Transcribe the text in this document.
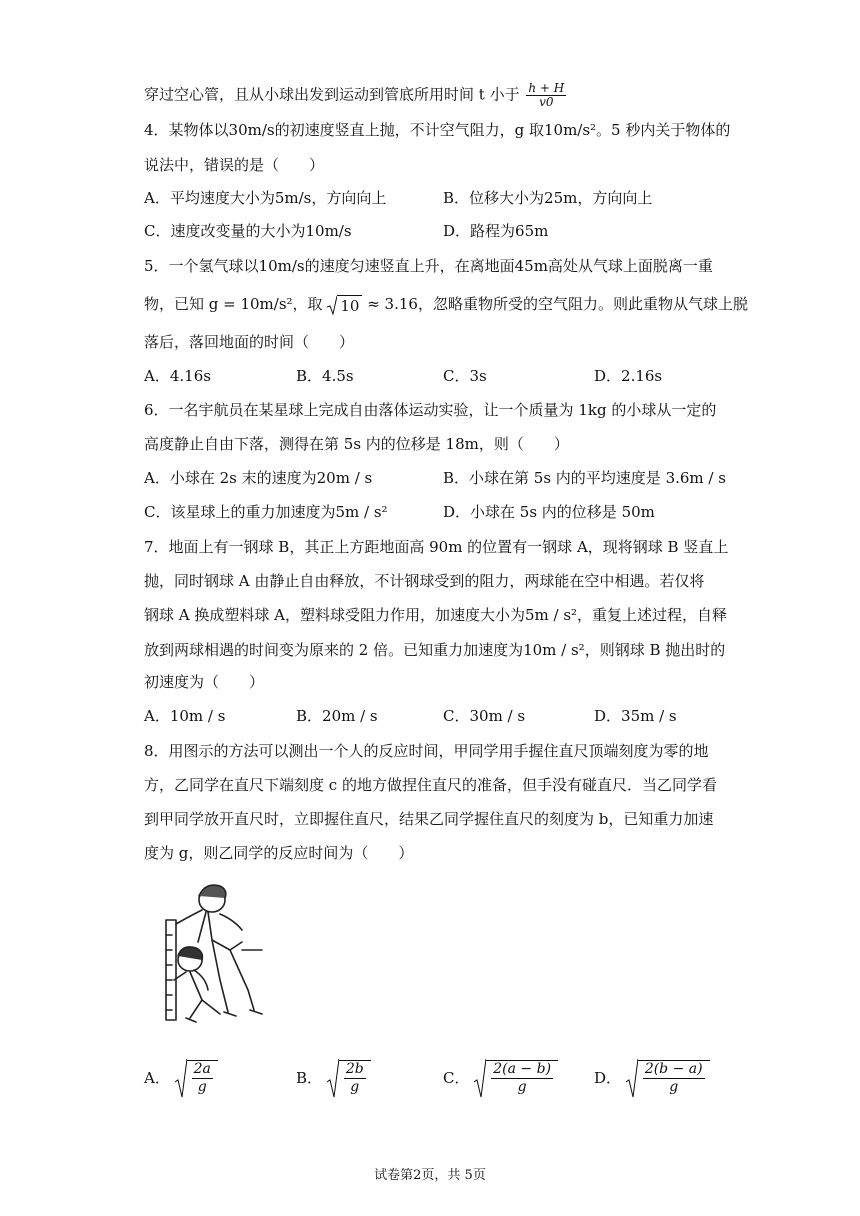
穿过空心管，且从小球出发到运动到管底所用时间 t 小于 $\frac{h + H}{v0}$
4．某物体以30m/s的初速度竖直上抛，不计空气阻力，g 取10m/s²。5 秒内关于物体的
说法中，错误的是（　　）
A．平均速度大小为5m/s，方向向上	B．位移大小为25m，方向向上
C．速度改变量的大小为10m/s	D．路程为65m
5．一个氢气球以10m/s的速度匀速竖直上升，在离地面45m高处从气球上面脱离一重
物，已知 g = 10m/s²，取 10 ≈ 3.16，忽略重物所受的空气阻力。则此重物从气球上脱
落后，落回地面的时间（　　）
A．4.16s	B．4.5s	C．3s	D．2.16s
6．一名宇航员在某星球上完成自由落体运动实验，让一个质量为 1kg 的小球从一定的
高度静止自由下落，测得在第 5s 内的位移是 18m，则（　　）
A．小球在 2s 末的速度为20m / s	B．小球在第 5s 内的平均速度是 3.6m / s
C．该星球上的重力加速度为5m / s²	D．小球在 5s 内的位移是 50m
7．地面上有一钢球 B，其正上方距地面高 90m 的位置有一钢球 A，现将钢球 B 竖直上
抛，同时钢球 A 由静止自由释放，不计钢球受到的阻力，两球能在空中相遇。若仅将
钢球 A 换成塑料球 A，塑料球受阻力作用，加速度大小为5m / s²，重复上述过程，自释
放到两球相遇的时间变为原来的 2 倍。已知重力加速度为10m / s²，则钢球 B 抛出时的
初速度为（　　）
A．10m / s	B．20m / s	C．30m / s	D．35m / s
8．用图示的方法可以测出一个人的反应时间，甲同学用手握住直尺顶端刻度为零的地
方，乙同学在直尺下端刻度 c 的地方做捏住直尺的准备，但手没有碰直尺．当乙同学看
到甲同学放开直尺时，立即握住直尺，结果乙同学握住直尺的刻度为 b，已知重力加速
度为 g，则乙同学的反应时间为（　　）
A． $\frac{2a}{g}$	B． $\frac{2b}{g}$	C． $\frac{2(a - b)}{g}$	D． $\frac{2(b - a)}{g}$
试卷第2页，共 5页
